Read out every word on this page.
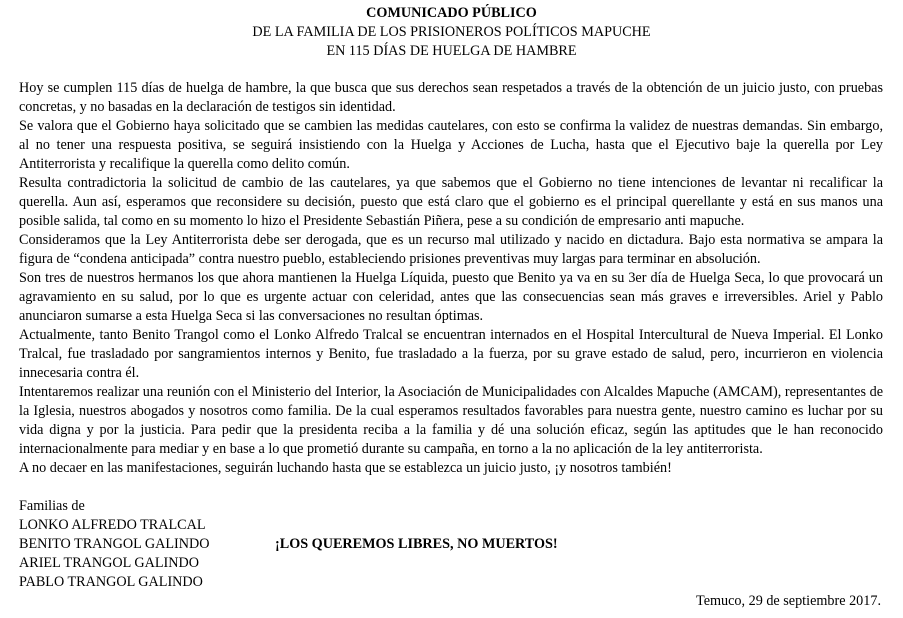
COMUNICADO PÚBLICO
DE LA FAMILIA DE LOS PRISIONEROS POLÍTICOS MAPUCHE
EN 115 DÍAS DE HUELGA DE HAMBRE

Hoy se cumplen 115 días de huelga de hambre, la que busca que sus derechos sean respetados a través de la obtención de un juicio justo, con pruebas concretas, y no basadas en la declaración de testigos sin identidad.

Se valora que el Gobierno haya solicitado que se cambien las medidas cautelares, con esto se confirma la validez de nuestras demandas. Sin embargo, al no tener una respuesta positiva, se seguirá insistiendo con la Huelga y Acciones de Lucha, hasta que el Ejecutivo baje la querella por Ley Antiterrorista y recalifique la querella como delito común.

Resulta contradictoria la solicitud de cambio de las cautelares, ya que sabemos que el Gobierno no tiene intenciones de levantar ni recalificar la querella. Aun así, esperamos que reconsidere su decisión, puesto que está claro que el gobierno es el principal querellante y está en sus manos una posible salida, tal como en su momento lo hizo el Presidente Sebastián Piñera, pese a su condición de empresario anti mapuche.

Consideramos que la Ley Antiterrorista debe ser derogada, que es un recurso mal utilizado y nacido en dictadura. Bajo esta normativa se ampara la figura de “condena anticipada” contra nuestro pueblo, estableciendo prisiones preventivas muy largas para terminar en absolución.

Son tres de nuestros hermanos los que ahora mantienen la Huelga Líquida, puesto que Benito ya va en su 3er día de Huelga Seca, lo que provocará un agravamiento en su salud, por lo que es urgente actuar con celeridad, antes que las consecuencias sean más graves e irreversibles. Ariel y Pablo anunciaron sumarse a esta Huelga Seca si las conversaciones no resultan óptimas.

Actualmente, tanto Benito Trangol como el Lonko Alfredo Tralcal se encuentran internados en el Hospital Intercultural de Nueva Imperial. El Lonko Tralcal, fue trasladado por sangramientos internos y Benito, fue trasladado a la fuerza, por su grave estado de salud, pero, incurrieron en violencia innecesaria contra él.

Intentaremos realizar una reunión con el Ministerio del Interior, la Asociación de Municipalidades con Alcaldes Mapuche (AMCAM), representantes de la Iglesia, nuestros abogados y nosotros como familia. De la cual esperamos resultados favorables para nuestra gente, nuestro camino es luchar por su vida digna y por la justicia. Para pedir que la presidenta reciba a la familia y dé una solución eficaz, según las aptitudes que le han reconocido internacionalmente para mediar y en base a lo que prometió durante su campaña, en torno a la no aplicación de la ley antiterrorista.

A no decaer en las manifestaciones, seguirán luchando hasta que se establezca un juicio justo, ¡y nosotros también!

Familias de
LONKO ALFREDO TRALCAL
BENITO TRANGOL GALINDO
ARIEL TRANGOL GALINDO
PABLO TRANGOL GALINDO
¡LOS QUEREMOS LIBRES, NO MUERTOS!
Temuco, 29 de septiembre 2017.
